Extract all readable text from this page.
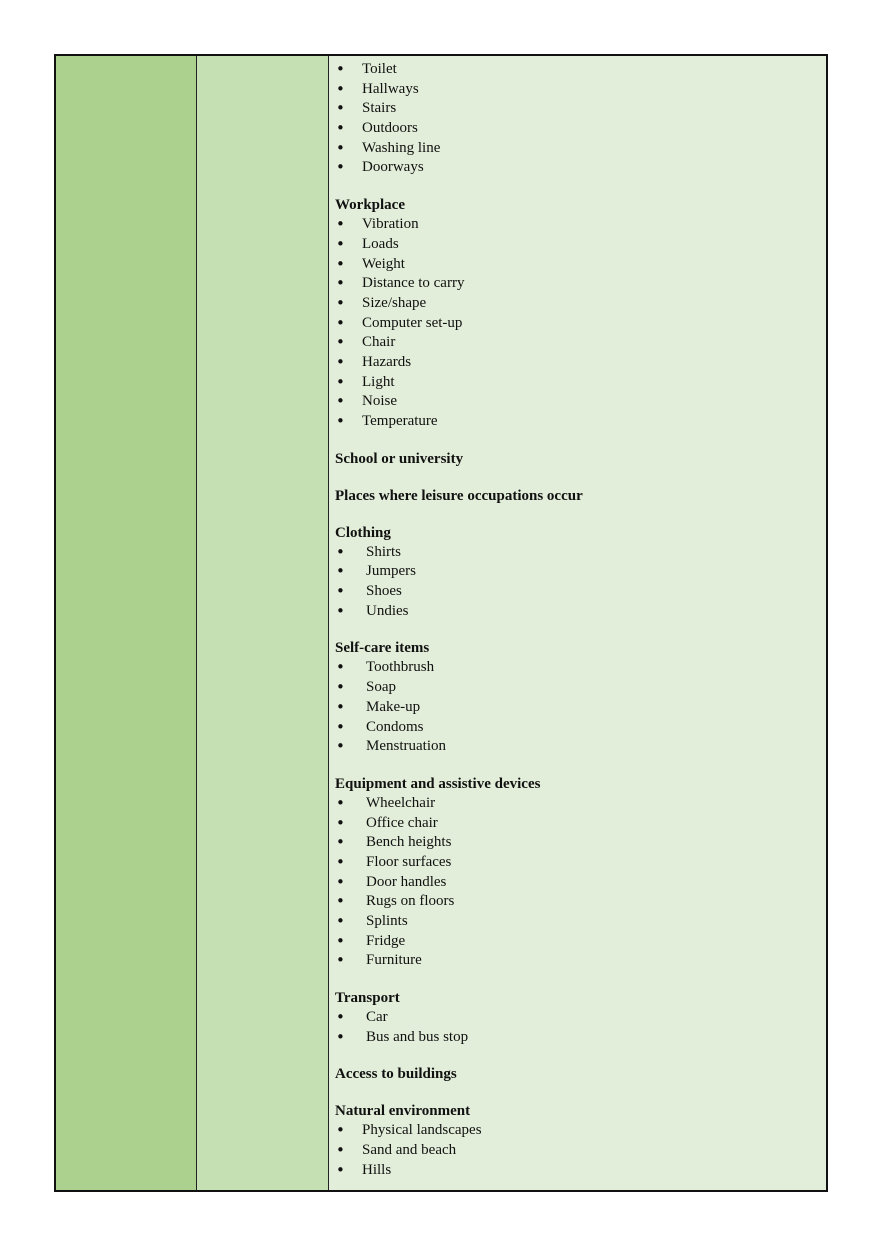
• Toilet
• Hallways
• Stairs
• Outdoors
• Washing line
• Doorways
Workplace
• Vibration
• Loads
• Weight
• Distance to carry
• Size/shape
• Computer set-up
• Chair
• Hazards
• Light
• Noise
• Temperature
School or university
Places where leisure occupations occur
Clothing
• Shirts
• Jumpers
• Shoes
• Undies
Self-care items
• Toothbrush
• Soap
• Make-up
• Condoms
• Menstruation
Equipment and assistive devices
• Wheelchair
• Office chair
• Bench heights
• Floor surfaces
• Door handles
• Rugs on floors
• Splints
• Fridge
• Furniture
Transport
• Car
• Bus and bus stop
Access to buildings
Natural environment
• Physical landscapes
• Sand and beach
• Hills
